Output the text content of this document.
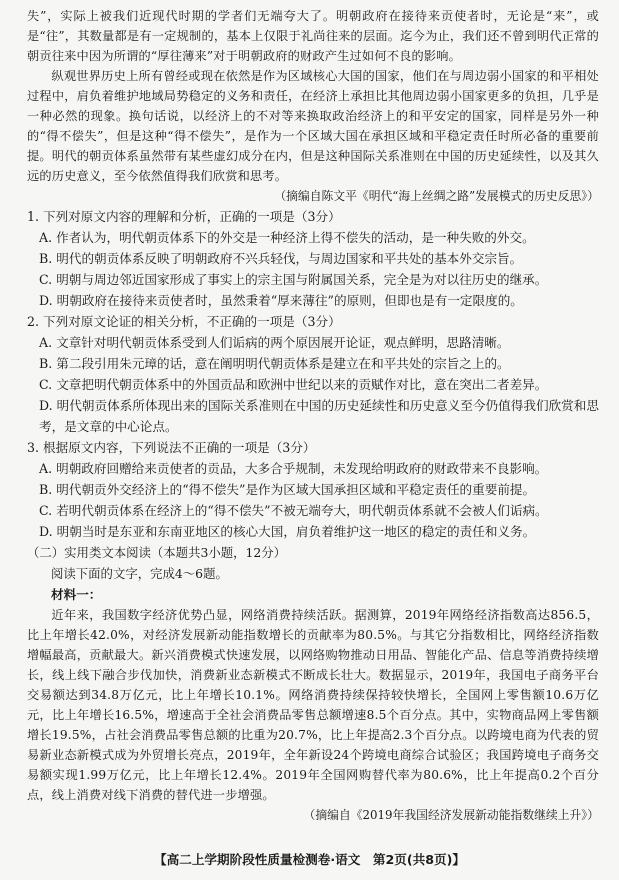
失”，实际上被我们近现代时期的学者们无端夸大了。明朝政府在接待来贡使者时，无论是“来”，或是“往”，其数量都是有一定规制的，基本上仅限于礼尚往来的层面。迄今为止，我们还不曾到明代正常的朝贡往来中因为所谓的“厚往薄来”对于明朝政府的财政产生过如何不良的影响。

纵观世界历史上所有曾经或现在依然是作为区域核心大国的国家，他们在与周边弱小国家的和平相处过程中，肩负着维护地域局势稳定的义务和责任，在经济上承担比其他周边弱小国家更多的负担，几乎是一种必然的现象。换句话说，以经济上的不对等来换取政治经济上的和平安定的国家，同样是另外一种的“得不偿失”，但是这种“得不偿失”，是作为一个区域大国在承担区域和平稳定责任时所必备的重要前提。明代的朝贡体系虽然带有某些虚幻成分在内，但是这种国际关系准则在中国的历史延续性，以及其久远的历史意义，至今依然值得我们欣赏和思考。

（摘编自陈文平《明代“海上丝绸之路”发展模式的历史反思》）

1. 下列对原文内容的理解和分析，正确的一项是（3分）

A. 作者认为，明代朝贡体系下的外交是一种经济上得不偿失的活动，是一种失败的外交。

B. 明代的朝贡体系反映了明朝政府不兴兵轻伐，与周边国家和平共处的基本外交宗旨。

C. 明朝与周边邻近国家形成了事实上的宗主国与附属国关系，完全是为对以往历史的继承。

D. 明朝政府在接待来贡使者时，虽然秉着“厚来薄往”的原则，但即也是有一定限度的。

2. 下列对原文论证的相关分析，不正确的一项是（3分）

A. 文章针对明代朝贡体系受到人们诟病的两个原因展开论证，观点鲜明，思路清晰。

B. 第二段引用朱元璋的话，意在阐明明代朝贡体系是建立在和平共处的宗旨之上的。

C. 文章把明代朝贡体系中的外国贡品和欧洲中世纪以来的贡赋作对比，意在突出二者差异。

D. 明代朝贡体系所体现出来的国际关系准则在中国的历史延续性和历史意义至今仍值得我们欣赏和思考，是文章的中心论点。

3. 根据原文内容，下列说法不正确的一项是（3分）

A. 明朝政府回赠给来贡使者的贡品，大多合乎规制，未发现给明政府的财政带来不良影响。

B. 明代朝贡外交经济上的“得不偿失”是作为区域大国承担区域和平稳定责任的重要前提。

C. 若明代朝贡体系在经济上的“得不偿失”不被无端夸大，明代朝贡体系就不会被人们诟病。

D. 明朝当时是东亚和东南亚地区的核心大国，肩负着维护这一地区的稳定的责任和义务。

（二）实用类文本阅读（本题共3小题，12分）

阅读下面的文字，完成4～6题。

材料一：

近年来，我国数字经济优势凸显，网络消费持续活跃。据测算，2019年网络经济指数高达856.5，比上年增长42.0%，对经济发展新动能指数增长的贡献率为80.5%。与其它分指数相比，网络经济指数增幅最高，贡献最大。新兴消费模式快速发展，以网络购物推动日用品、智能化产品、信息等消费持续增长，线上线下融合步伐加快，消费新业态新模式不断成长壮大。数据显示，2019年，我国电子商务平台交易额达到34.8万亿元，比上年增长10.1%。网络消费持续保持较快增长，全国网上零售额10.6万亿元，比上年增长16.5%，增速高于全社会消费品零售总额增速8.5个百分点。其中，实物商品网上零售额增长19.5%，占社会消费品零售总额的比重为20.7%，比上年提高2.3个百分点。以跨境电商为代表的贸易新业态新模式成为外贸增长亮点，2019年，全年新设24个跨境电商综合试验区；我国跨境电子商务交易额实现1.99万亿元，比上年增长12.4%。2019年全国网购替代率为80.6%，比上年提高0.2个百分点，线上消费对线下消费的替代进一步增强。

（摘编自《2019年我国经济发展新动能指数继续上升》）

【高二上学期阶段性质量检测卷·语文　第2页(共8页)】
